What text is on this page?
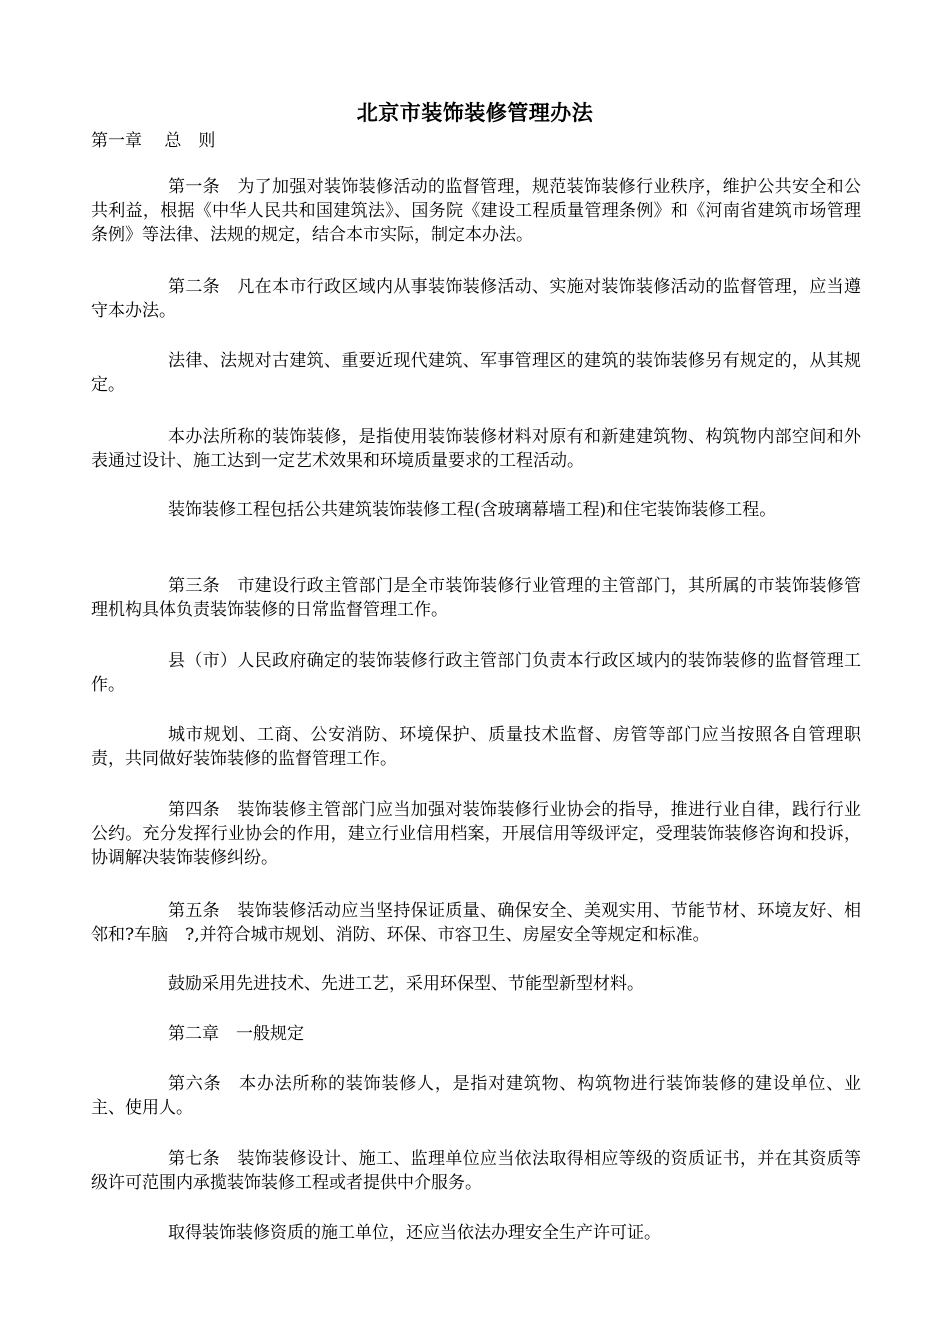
北京市装饰装修管理办法
第一章　 总　则
第一条　为了加强对装饰装修活动的监督管理，规范装饰装修行业秩序，维护公共安全和公共利益，根据《中华人民共和国建筑法》、国务院《建设工程质量管理条例》和《河南省建筑市场管理条例》等法律、法规的规定，结合本市实际，制定本办法。
第二条　凡在本市行政区域内从事装饰装修活动、实施对装饰装修活动的监督管理，应当遵守本办法。
法律、法规对古建筑、重要近现代建筑、军事管理区的建筑的装饰装修另有规定的，从其规定。
本办法所称的装饰装修，是指使用装饰装修材料对原有和新建建筑物、构筑物内部空间和外表通过设计、施工达到一定艺术效果和环境质量要求的工程活动。
装饰装修工程包括公共建筑装饰装修工程(含玻璃幕墙工程)和住宅装饰装修工程。
第三条　市建设行政主管部门是全市装饰装修行业管理的主管部门，其所属的市装饰装修管理机构具体负责装饰装修的日常监督管理工作。
县（市）人民政府确定的装饰装修行政主管部门负责本行政区域内的装饰装修的监督管理工作。
城市规划、工商、公安消防、环境保护、质量技术监督、房管等部门应当按照各自管理职责，共同做好装饰装修的监督管理工作。
第四条　装饰装修主管部门应当加强对装饰装修行业协会的指导，推进行业自律，践行行业公约。充分发挥行业协会的作用，建立行业信用档案，开展信用等级评定，受理装饰装修咨询和投诉，协调解决装饰装修纠纷。
第五条　装饰装修活动应当坚持保证质量、确保安全、美观实用、节能节材、环境友好、相邻和?车脑　?,并符合城市规划、消防、环保、市容卫生、房屋安全等规定和标准。
鼓励采用先进技术、先进工艺，采用环保型、节能型新型材料。
第二章　一般规定
第六条　本办法所称的装饰装修人，是指对建筑物、构筑物进行装饰装修的建设单位、业主、使用人。
第七条　装饰装修设计、施工、监理单位应当依法取得相应等级的资质证书，并在其资质等级许可范围内承揽装饰装修工程或者提供中介服务。
取得装饰装修资质的施工单位，还应当依法办理安全生产许可证。
